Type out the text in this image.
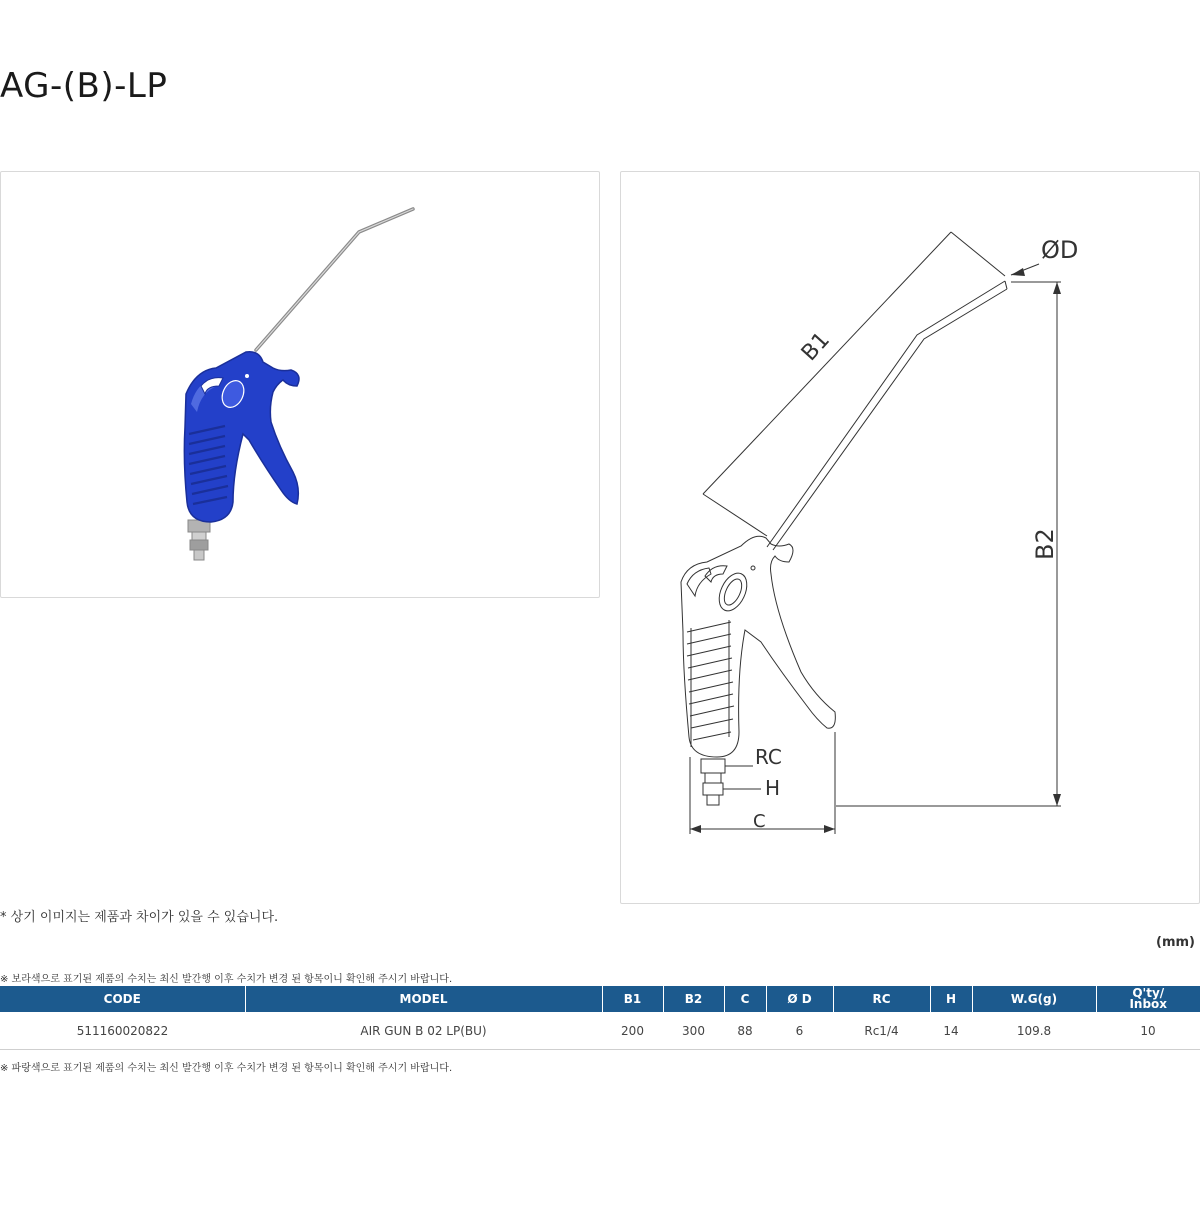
AG-(B)-LP
B1
ØD
B2
RC
H
C
* 상기 이미지는 제품과 차이가 있을 수 있습니다.
(mm)
※ 보라색으로 표기된 제품의 수치는 최신 발간행 이후 수치가 변경 된 항목이니 확인해 주시기 바랍니다.
CODE	MODEL	B1	B2	C	Ø D	RC	H	W.G(g)	Q'ty/
Inbox
511160020822	AIR GUN B 02 LP(BU)	200	300	88	6	Rc1/4	14	109.8	10
※ 파랑색으로 표기된 제품의 수치는 최신 발간행 이후 수치가 변경 된 항목이니 확인해 주시기 바랍니다.
